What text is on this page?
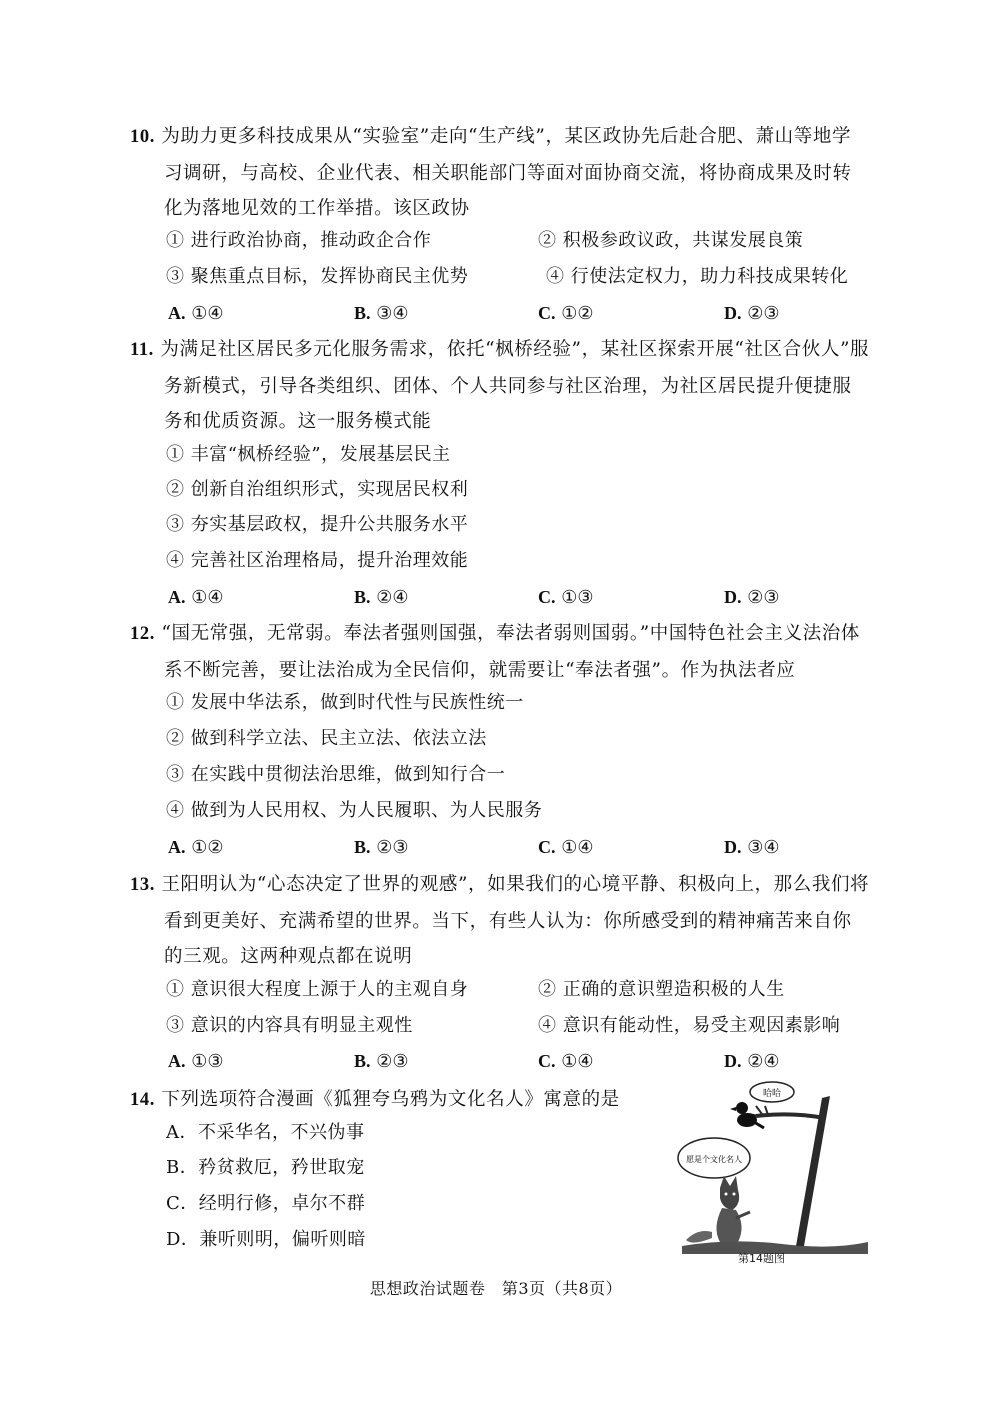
10. 为助力更多科技成果从“实验室”走向“生产线”，某区政协先后赴合肥、萧山等地学习调研，与高校、企业代表、相关职能部门等面对面协商交流，将协商成果及时转化为落地见效的工作举措。该区政协
① 进行政治协商，推动政企合作	② 积极参政议政，共谋发展良策
③ 聚焦重点目标，发挥协商民主优势	④ 行使法定权力，助力科技成果转化
A. ①④	B. ③④	C. ①②	D. ②③
11. 为满足社区居民多元化服务需求，依托“枫桥经验”，某社区探索开展“社区合伙人”服务新模式，引导各类组织、团体、个人共同参与社区治理，为社区居民提升便捷服务和优质资源。这一服务模式能
① 丰富“枫桥经验”，发展基层民主
② 创新自治组织形式，实现居民权利
③ 夯实基层政权，提升公共服务水平
④ 完善社区治理格局，提升治理效能
A. ①④	B. ②④	C. ①③	D. ②③
12. “国无常强，无常弱。奉法者强则国强，奉法者弱则国弱。”中国特色社会主义法治体系不断完善，要让法治成为全民信仰，就需要让“奉法者强”。作为执法者应
① 发展中华法系，做到时代性与民族性统一
② 做到科学立法、民主立法、依法立法
③ 在实践中贯彻法治思维，做到知行合一
④ 做到为人民用权、为人民履职、为人民服务
A. ①②	B. ②③	C. ①④	D. ③④
13. 王阳明认为“心态决定了世界的观感”，如果我们的心境平静、积极向上，那么我们将看到更美好、充满希望的世界。当下，有些人认为：你所感受到的精神痛苦来自你的三观。这两种观点都在说明
① 意识很大程度上源于人的主观自身	② 正确的意识塑造积极的人生
③ 意识的内容具有明显主观性	④ 意识有能动性，易受主观因素影响
A. ①③	B. ②③	C. ①④	D. ②④
14. 下列选项符合漫画《狐狸夸乌鸦为文化名人》寓意的是
A．不采华名，不兴伪事
B．矜贫救厄，矜世取宠
C．经明行修，卓尔不群
D．兼听则明，偏听则暗
哈哈
愿是个文化名人
第14题图
思想政治试题卷　第3页（共8页）
